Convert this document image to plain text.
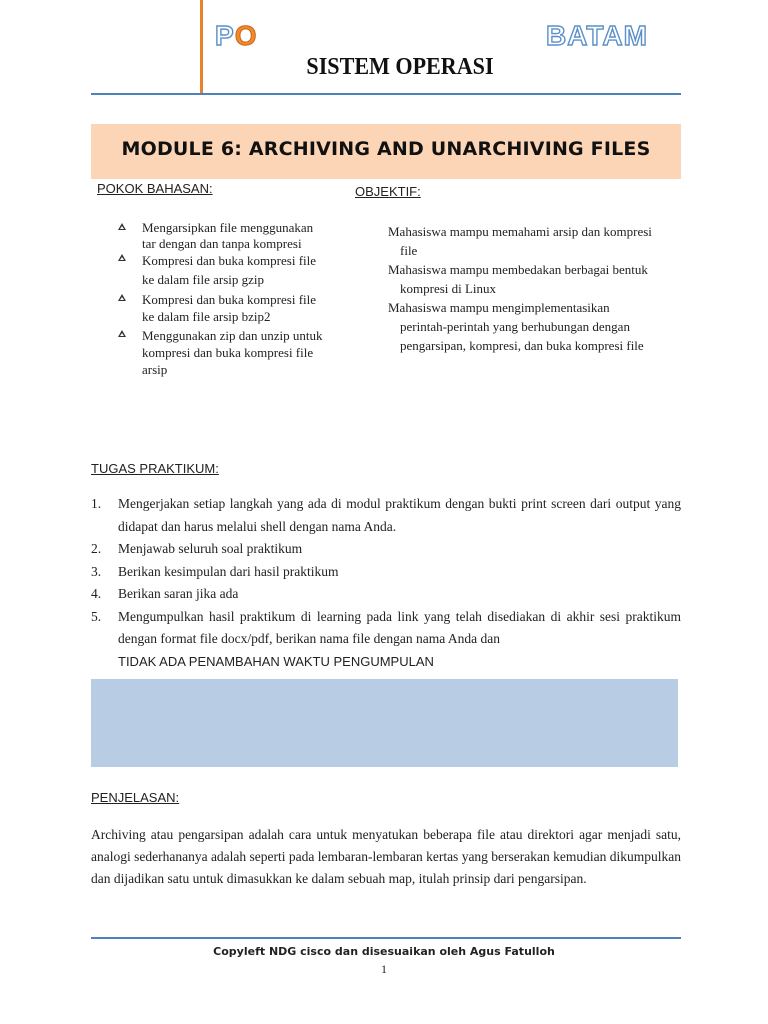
PO	BATAM
SISTEM OPERASI
MODULE 6: ARCHIVING AND UNARCHIVING FILES
POKOK BAHASAN:
Mengarsipkan file menggunakan tar dengan dan tanpa kompresi
Kompresi dan buka kompresi file ke dalam file arsip gzip
Kompresi dan buka kompresi file ke dalam file arsip bzip2
Menggunakan zip dan unzip untuk kompresi dan buka kompresi file arsip
OBJEKTIF:
Mahasiswa mampu memahami arsip dan kompresi file
Mahasiswa mampu membedakan berbagai bentuk kompresi di Linux
Mahasiswa mampu mengimplementasikan perintah-perintah yang berhubungan dengan pengarsipan, kompresi, dan buka kompresi file
TUGAS PRAKTIKUM:
1. Mengerjakan setiap langkah yang ada di modul praktikum dengan bukti print screen dari output yang didapat dan harus melalui shell dengan nama Anda.
2. Menjawab seluruh soal praktikum
3. Berikan kesimpulan dari hasil praktikum
4. Berikan saran jika ada
5. Mengumpulkan hasil praktikum di learning pada link yang telah disediakan di akhir sesi praktikum dengan format file docx/pdf, berikan nama file dengan nama Anda dan
TIDAK ADA PENAMBAHAN WAKTU PENGUMPULAN
PENJELASAN:
Archiving atau pengarsipan adalah cara untuk menyatukan beberapa file atau direktori agar menjadi satu, analogi sederhananya adalah seperti pada lembaran-lembaran kertas yang berserakan kemudian dikumpulkan dan dijadikan satu untuk dimasukkan ke dalam sebuah map, itulah prinsip dari pengarsipan.
Copyleft NDG cisco dan disesuaikan oleh Agus Fatulloh
1
